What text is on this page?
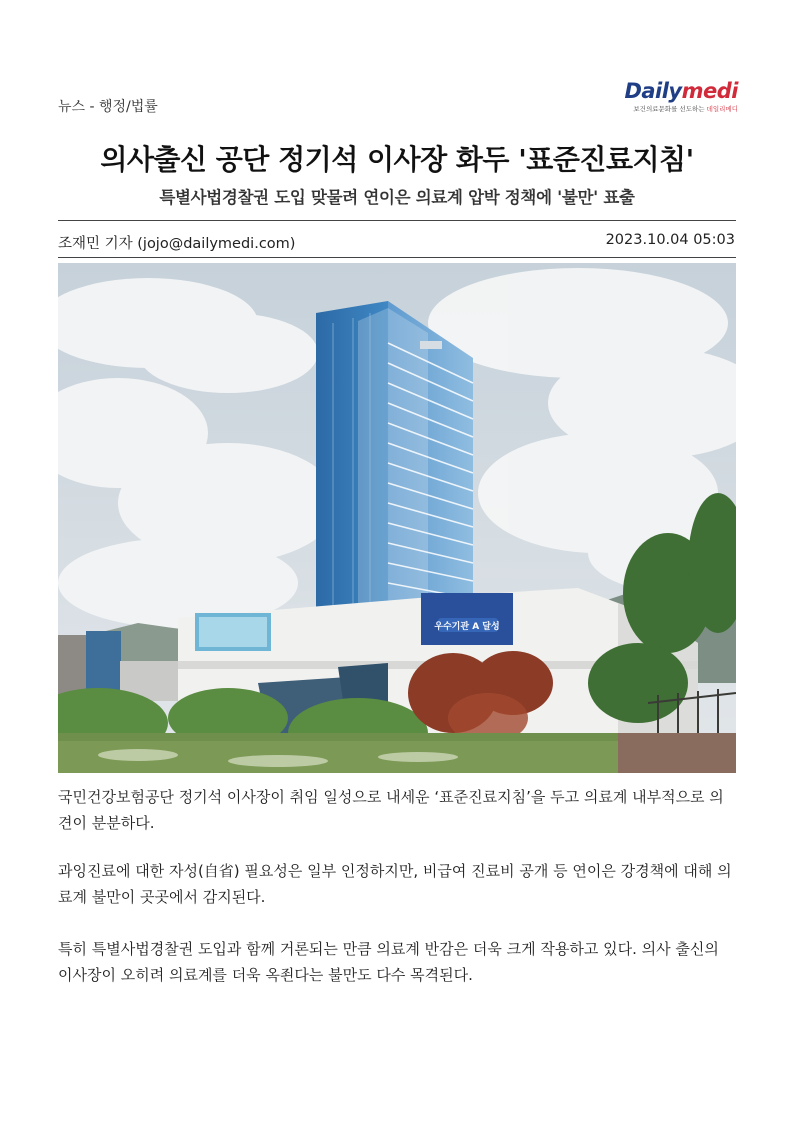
뉴스 - 행정/법률
Dailymedi
보건의료문화를 선도하는 데일리메디
의사출신 공단 정기석 이사장 화두 '표준진료지침'
특별사법경찰권 도입 맞물려 연이은 의료계 압박 정책에 '불만' 표출
조재민 기자 (jojo@dailymedi.com)	2023.10.04 05:03
우수기관 A 달성
국민건강보험공단 정기석 이사장이 취임 일성으로 내세운 ‘표준진료지침’을 두고 의료계 내부적으로 의견이 분분하다.
과잉진료에 대한 자성(自省) 필요성은 일부 인정하지만, 비급여 진료비 공개 등 연이은 강경책에 대해 의료계 불만이 곳곳에서 감지된다.
특히 특별사법경찰권 도입과 함께 거론되는 만큼 의료계 반감은 더욱 크게 작용하고 있다. 의사 출신의 이사장이 오히려 의료계를 더욱 옥죈다는 불만도 다수 목격된다.
